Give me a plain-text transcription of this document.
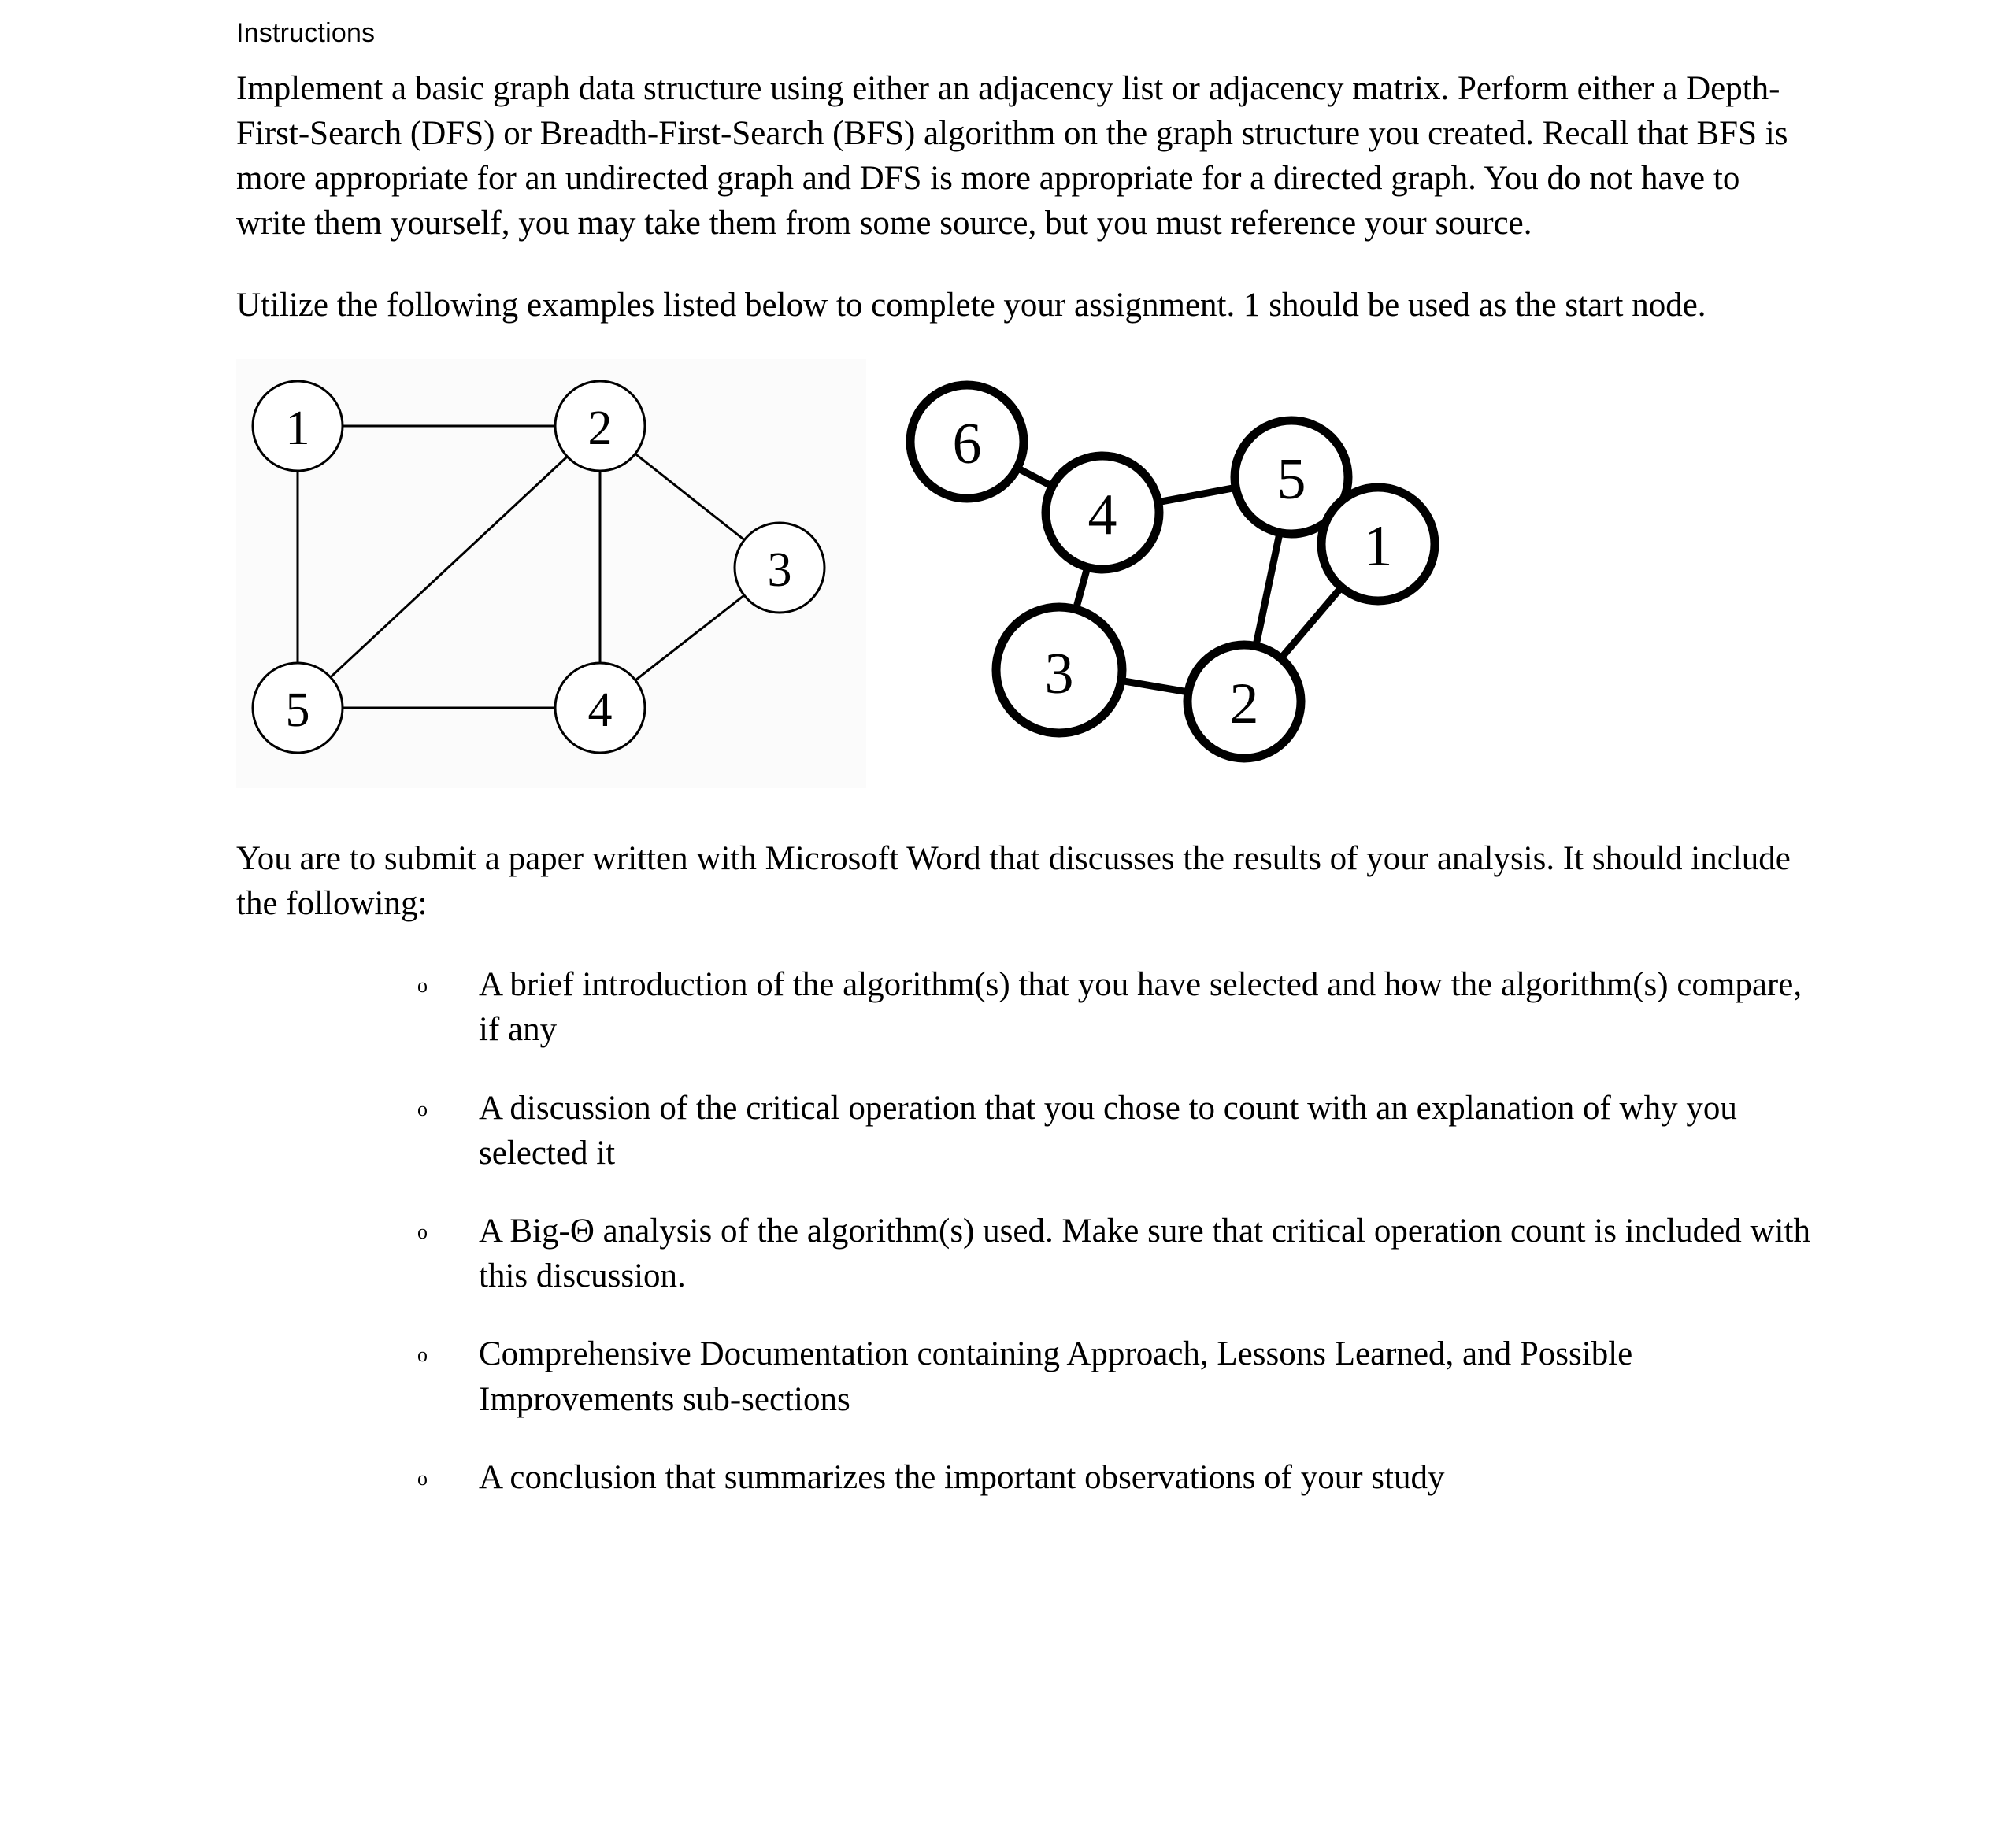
Instructions

Implement a basic graph data structure using either an adjacency list or adjacency matrix. Perform either a Depth-First-Search (DFS) or Breadth-First-Search (BFS) algorithm on the graph structure you created. Recall that BFS is more appropriate for an undirected graph and DFS is more appropriate for a directed graph. You do not have to write them yourself, you may take them from some source, but you must reference your source.

Utilize the following examples listed below to complete your assignment. 1 should be used as the start node.

1	2
3
4
5
6
4
5
1
2
3

You are to submit a paper written with Microsoft Word that discusses the results of your analysis. It should include the following:

o	A brief introduction of the algorithm(s) that you have selected and how the algorithm(s) compare, if any
o	A discussion of the critical operation that you chose to count with an explanation of why you selected it
o	A Big-Θ analysis of the algorithm(s) used. Make sure that critical operation count is included with this discussion.
o	Comprehensive Documentation containing Approach, Lessons Learned, and Possible Improvements sub-sections
o	A conclusion that summarizes the important observations of your study
